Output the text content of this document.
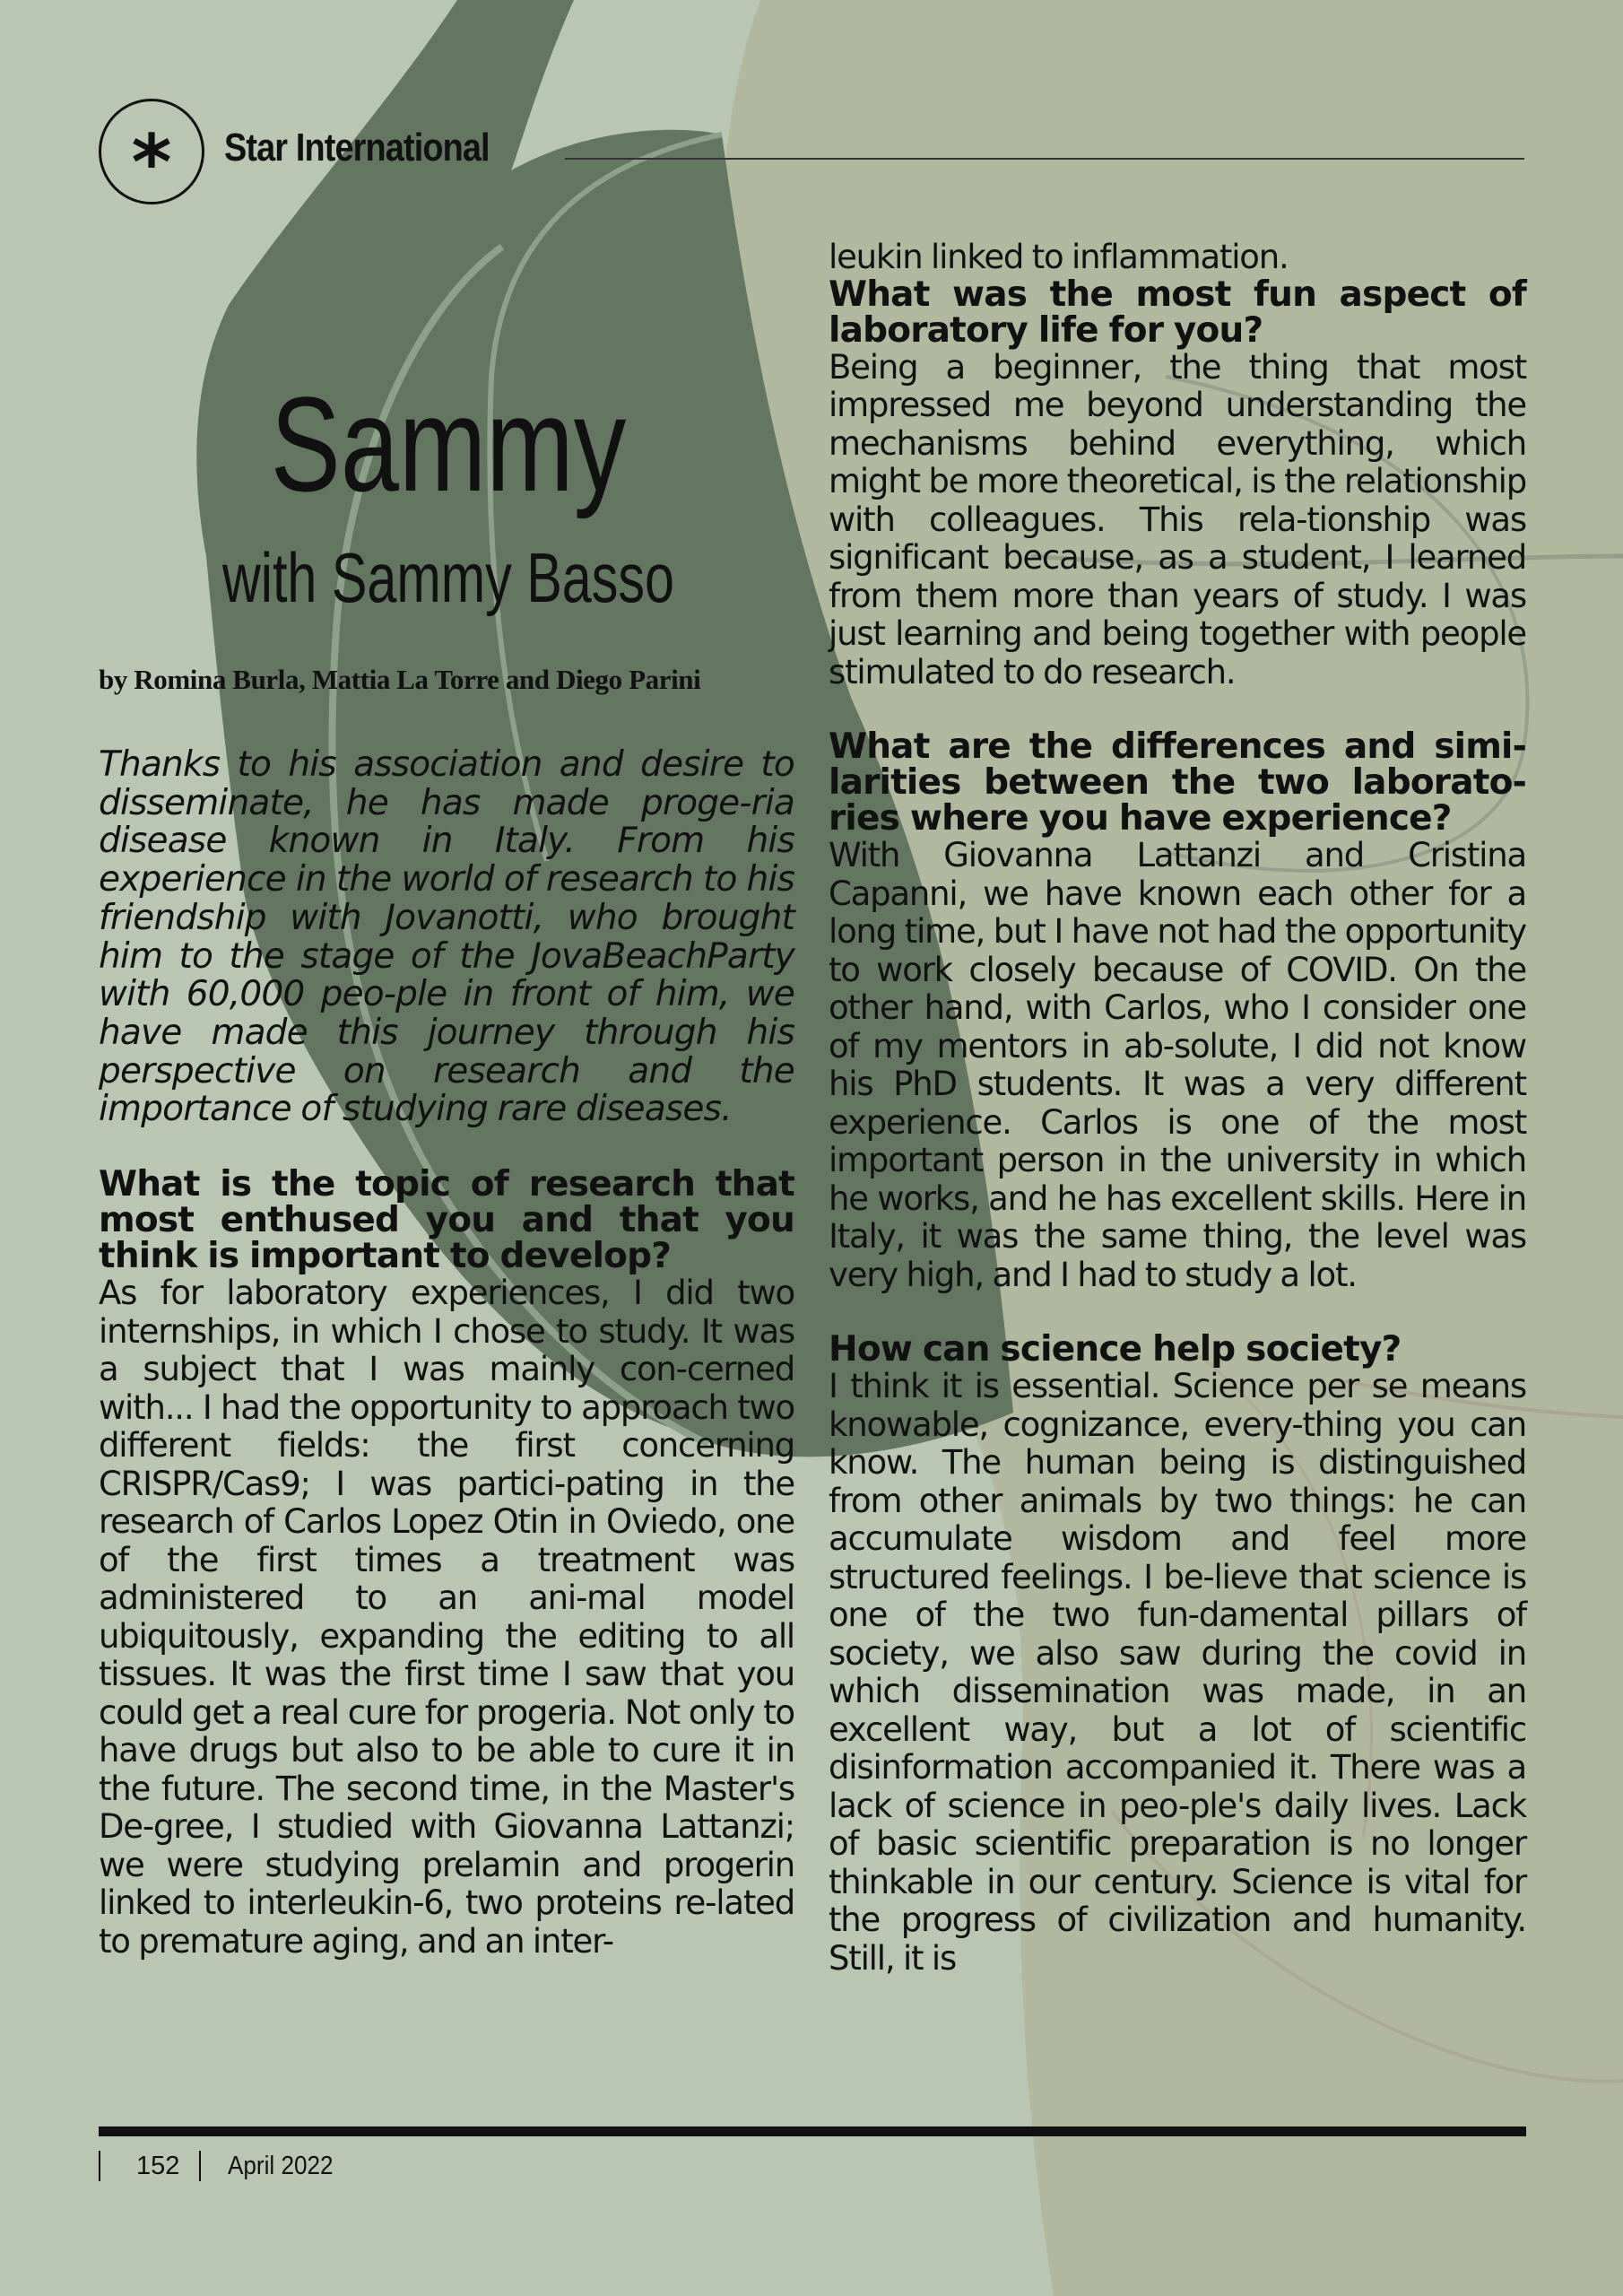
* Star International
Sammy
with Sammy Basso
by Romina Burla, Mattia La Torre and Diego Parini

Thanks to his association and desire to disseminate, he has made proge-ria disease known in Italy. From his experience in the world of research to his friendship with Jovanotti, who brought him to the stage of the JovaBeachParty with 60,000 peo-ple in front of him, we have made this journey through his perspective on research and the importance of studying rare diseases.

What is the topic of research that most enthused you and that you think is important to develop?

As for laboratory experiences, I did two internships, in which I chose to study. It was a subject that I was mainly con-cerned with... I had the opportunity to approach two different fields: the first concerning CRISPR/Cas9; I was partici-pating in the research of Carlos Lopez Otin in Oviedo, one of the first times a treatment was administered to an ani-mal model ubiquitously, expanding the editing to all tissues. It was the first time I saw that you could get a real cure for progeria. Not only to have drugs but also to be able to cure it in the future. The second time, in the Master's De-gree, I studied with Giovanna Lattanzi; we were studying prelamin and progerin linked to interleukin-6, two proteins re-lated to premature aging, and an inter-

leukin linked to inflammation.

What was the most fun aspect of laboratory life for you?

Being a beginner, the thing that most impressed me beyond understanding the mechanisms behind everything, which might be more theoretical, is the relationship with colleagues. This rela-tionship was significant because, as a student, I learned from them more than years of study. I was just learning and being together with people stimulated to do research.

What are the differences and simi-larities between the two laborato-ries where you have experience?

With Giovanna Lattanzi and Cristina Capanni, we have known each other for a long time, but I have not had the opportunity to work closely because of COVID. On the other hand, with Carlos, who I consider one of my mentors in ab-solute, I did not know his PhD students. It was a very different experience. Carlos is one of the most important person in the university in which he works, and he has excellent skills. Here in Italy, it was the same thing, the level was very high, and I had to study a lot.

How can science help society?

I think it is essential. Science per se means knowable, cognizance, every-thing you can know. The human being is distinguished from other animals by two things: he can accumulate wisdom and feel more structured feelings. I be-lieve that science is one of the two fun-damental pillars of society, we also saw during the covid in which dissemination was made, in an excellent way, but a lot of scientific disinformation accompanied it. There was a lack of science in peo-ple's daily lives. Lack of basic scientific preparation is no longer thinkable in our century. Science is vital for the progress of civilization and humanity. Still, it is

152 April 2022
